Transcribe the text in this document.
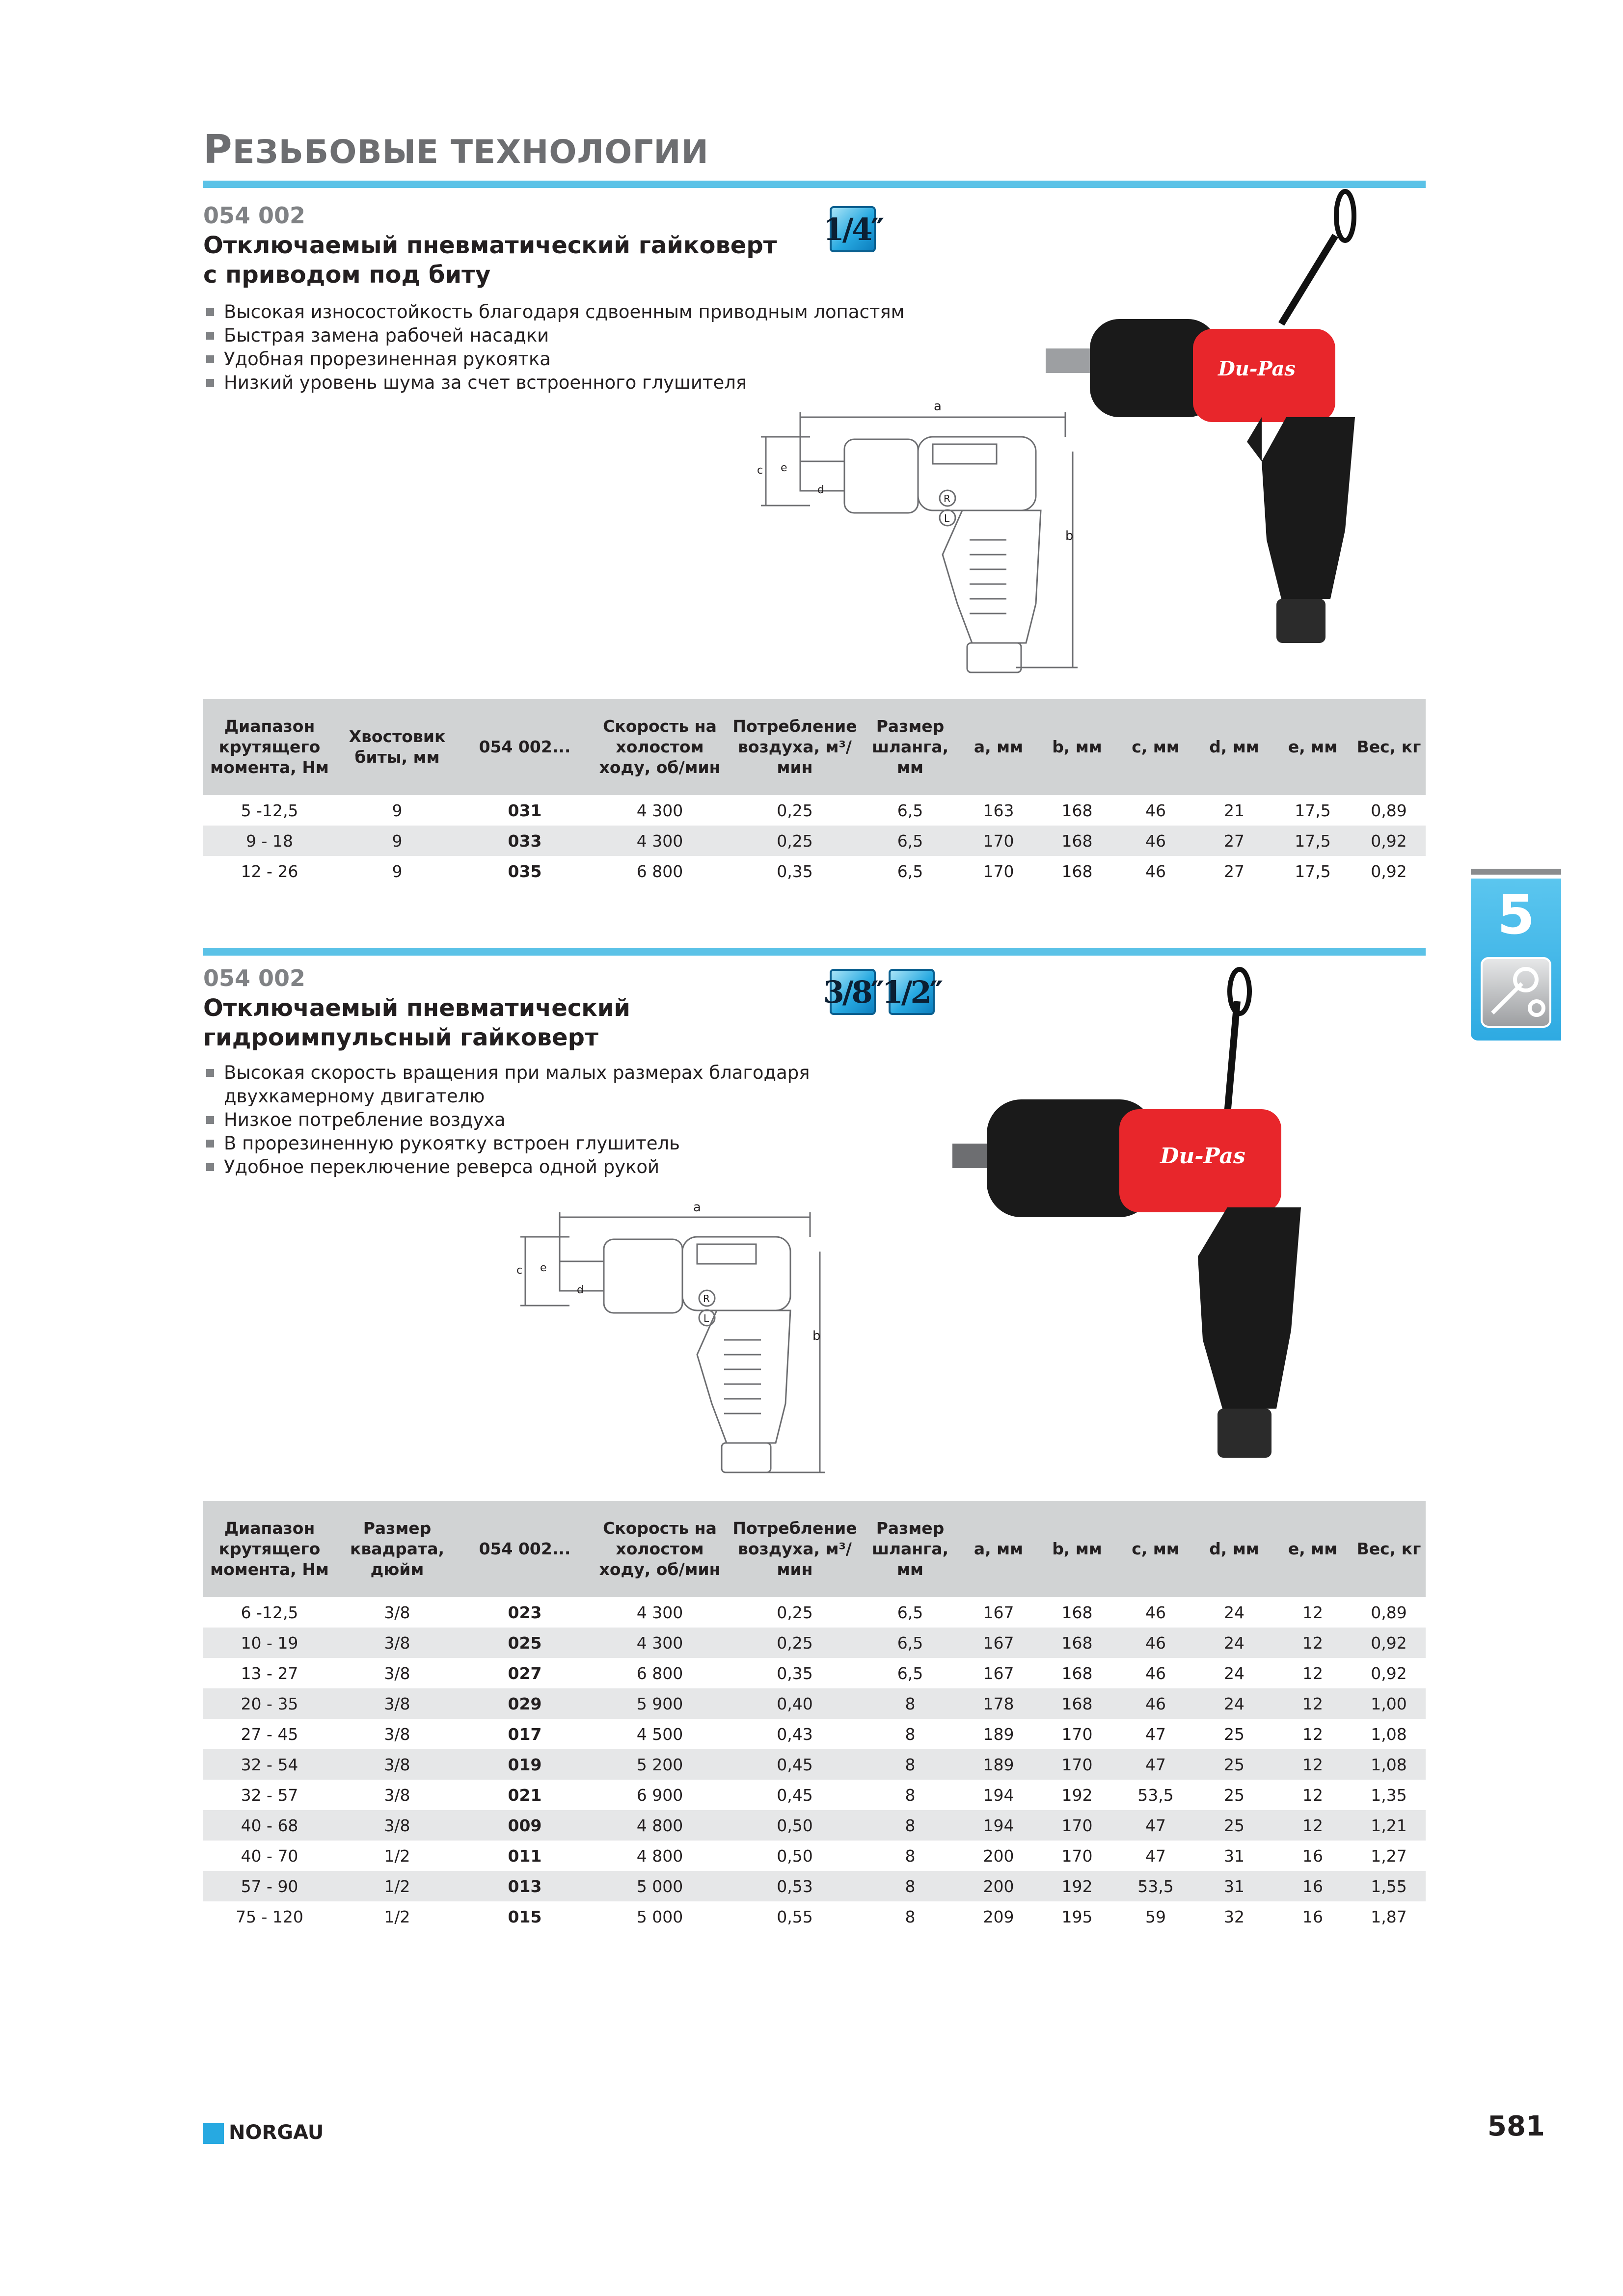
РЕЗЬБОВЫЕ ТЕХНОЛОГИИ
054 002
Отключаемый пневматический гайковерт
с приводом под биту
1/4″
Высокая износостойкость благодаря сдвоенным приводным лопастям
Быстрая замена рабочей насадки
Удобная прорезиненная рукоятка
Низкий уровень шума за счет встроенного глушителя
a
c e
d
b
R
L
Du-Pas
Диапазон крутящего момента, Нм	Хвостовик биты, мм	054 002...	Скорость на холостом ходу, об/мин	Потребление воздуха, м³/мин	Размер шланга, мм	a, мм	b, мм	c, мм	d, мм	e, мм	Вес, кг
5 -12,5	9	031	4 300	0,25	6,5	163	168	46	21	17,5	0,89
9 - 18	9	033	4 300	0,25	6,5	170	168	46	27	17,5	0,92
12 - 26	9	035	6 800	0,35	6,5	170	168	46	27	17,5	0,92
054 002
Отключаемый пневматический
гидроимпульсный гайковерт
3/8″ 1/2″
Высокая скорость вращения при малых размерах благодаря
двухкамерному двигателю
Низкое потребление воздуха
В прорезиненную рукоятку встроен глушитель
Удобное переключение реверса одной рукой
a
c e
d
b
R
L
Du-Pas
Диапазон крутящего момента, Нм	Размер квадрата, дюйм	054 002...	Скорость на холостом ходу, об/мин	Потребление воздуха, м³/мин	Размер шланга, мм	a, мм	b, мм	c, мм	d, мм	e, мм	Вес, кг
6 -12,5	3/8	023	4 300	0,25	6,5	167	168	46	24	12	0,89
10 - 19	3/8	025	4 300	0,25	6,5	167	168	46	24	12	0,92
13 - 27	3/8	027	6 800	0,35	6,5	167	168	46	24	12	0,92
20 - 35	3/8	029	5 900	0,40	8	178	168	46	24	12	1,00
27 - 45	3/8	017	4 500	0,43	8	189	170	47	25	12	1,08
32 - 54	3/8	019	5 200	0,45	8	189	170	47	25	12	1,08
32 - 57	3/8	021	6 900	0,45	8	194	192	53,5	25	12	1,35
40 - 68	3/8	009	4 800	0,50	8	194	170	47	25	12	1,21
40 - 70	1/2	011	4 800	0,50	8	200	170	47	31	16	1,27
57 - 90	1/2	013	5 000	0,53	8	200	192	53,5	31	16	1,55
75 - 120	1/2	015	5 000	0,55	8	209	195	59	32	16	1,87
5
NORGAU	581
